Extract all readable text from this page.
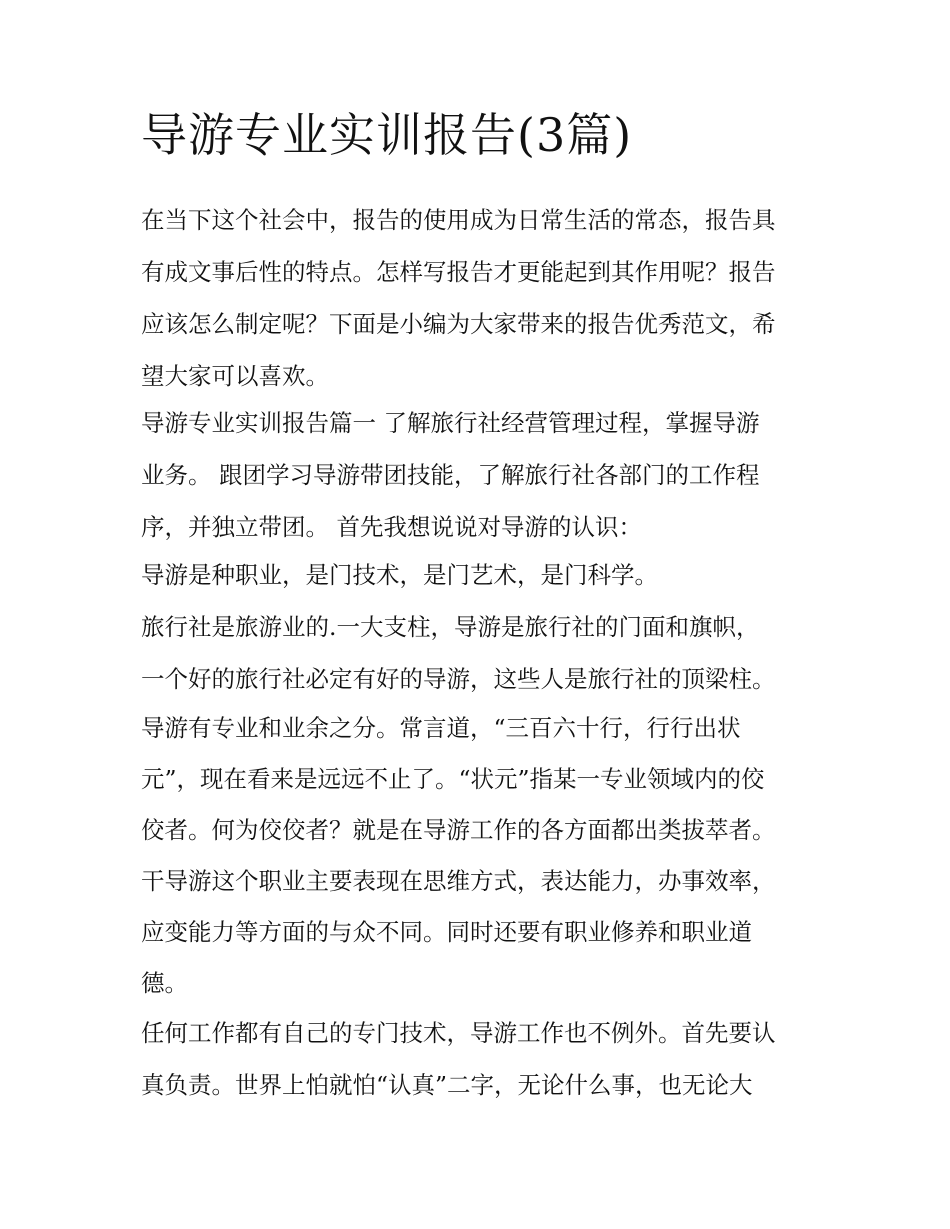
导游专业实训报告(3篇)

在当下这个社会中，报告的使用成为日常生活的常态，报告具

有成文事后性的特点。怎样写报告才更能起到其作用呢？报告

应该怎么制定呢？下面是小编为大家带来的报告优秀范文，希

望大家可以喜欢。

导游专业实训报告篇一 了解旅行社经营管理过程，掌握导游

业务。 跟团学习导游带团技能，了解旅行社各部门的工作程

序，并独立带团。 首先我想说说对导游的认识：

导游是种职业，是门技术，是门艺术，是门科学。

旅行社是旅游业的.一大支柱，导游是旅行社的门面和旗帜，

一个好的旅行社必定有好的导游，这些人是旅行社的顶梁柱。

导游有专业和业余之分。常言道，“三百六十行，行行出状

元”，现在看来是远远不止了。“状元”指某一专业领域内的佼

佼者。何为佼佼者？就是在导游工作的各方面都出类拔萃者。

干导游这个职业主要表现在思维方式，表达能力，办事效率，

应变能力等方面的与众不同。同时还要有职业修养和职业道

德。

任何工作都有自己的专门技术，导游工作也不例外。首先要认

真负责。世界上怕就怕“认真”二字，无论什么事，也无论大
